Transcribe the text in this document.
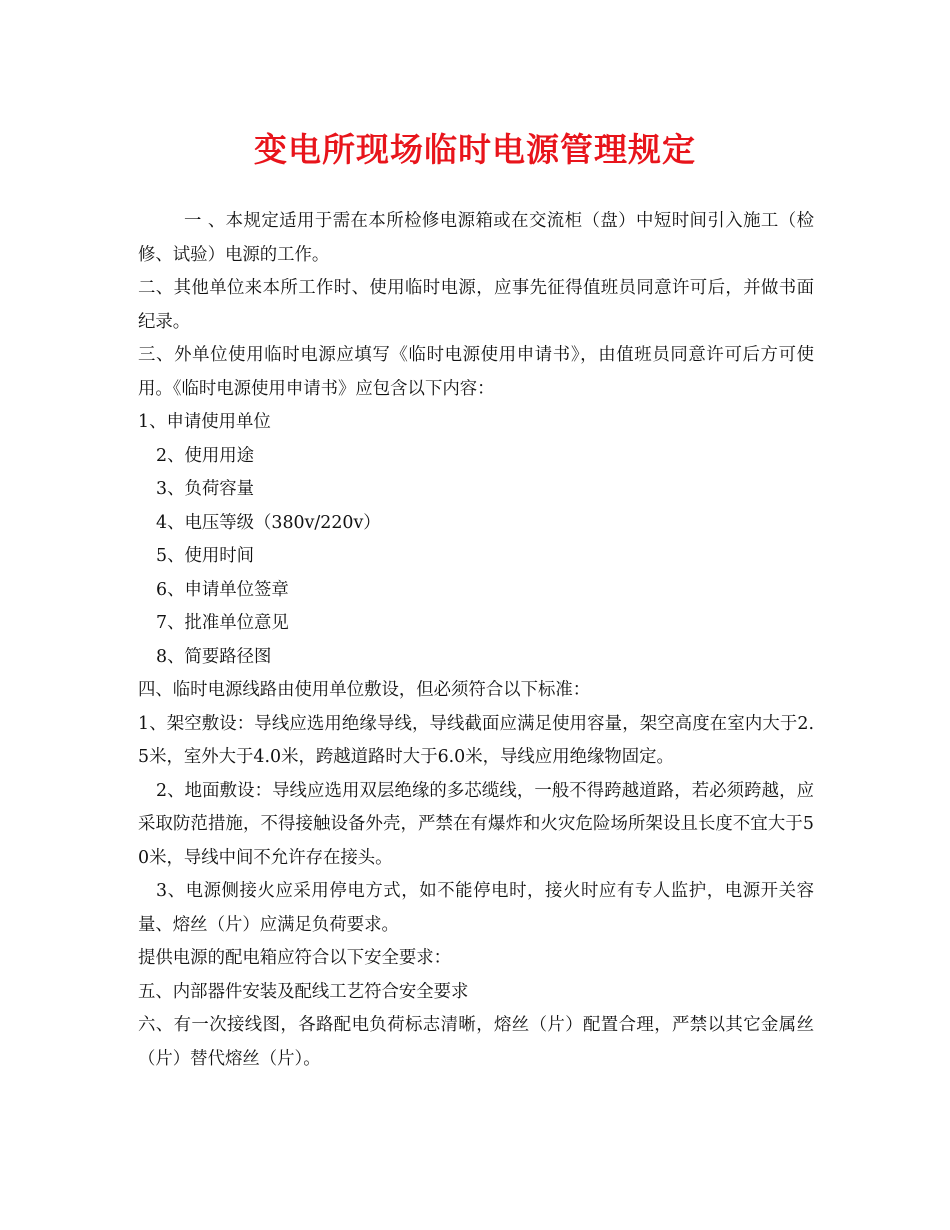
变电所现场临时电源管理规定

一 、本规定适用于需在本所检修电源箱或在交流柜（盘）中短时间引入施工（检修、试验）电源的工作。

二、其他单位来本所工作时、使用临时电源，应事先征得值班员同意许可后，并做书面纪录。

三、外单位使用临时电源应填写《临时电源使用申请书》，由值班员同意许可后方可使用。《临时电源使用申请书》应包含以下内容：

1、申请使用单位

2、使用用途

3、负荷容量

4、电压等级（380v/220v）

5、使用时间

6、申请单位签章

7、批准单位意见

8、简要路径图

四、临时电源线路由使用单位敷设，但必须符合以下标准：

1、架空敷设：导线应选用绝缘导线，导线截面应满足使用容量，架空高度在室内大于2.5米，室外大于4.0米，跨越道路时大于6.0米，导线应用绝缘物固定。

2、地面敷设：导线应选用双层绝缘的多芯缆线，一般不得跨越道路，若必须跨越，应采取防范措施，不得接触设备外壳，严禁在有爆炸和火灾危险场所架设且长度不宜大于50米，导线中间不允许存在接头。

3、电源侧接火应采用停电方式，如不能停电时，接火时应有专人监护，电源开关容量、熔丝（片）应满足负荷要求。

提供电源的配电箱应符合以下安全要求：

五、内部器件安装及配线工艺符合安全要求

六、有一次接线图，各路配电负荷标志清晰，熔丝（片）配置合理，严禁以其它金属丝（片）替代熔丝（片）。
